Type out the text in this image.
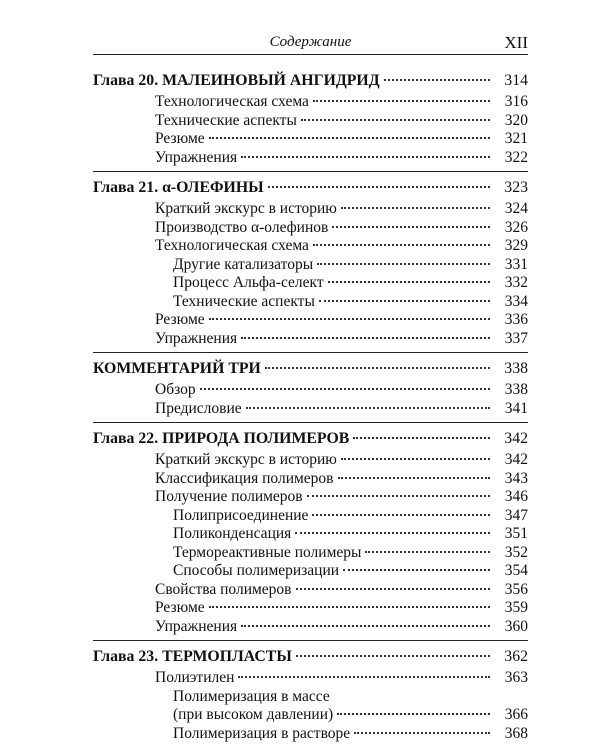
Содержание	XII
Глава 20. МАЛЕИНОВЫЙ АНГИДРИД	314
Технологическая схема	316
Технические аспекты	320
Резюме	321
Упражнения	322
Глава 21. α-ОЛЕФИНЫ	323
Краткий экскурс в историю	324
Производство α-олефинов	326
Технологическая схема	329
Другие катализаторы	331
Процесс Альфа-селект	332
Технические аспекты	334
Резюме	336
Упражнения	337
КОММЕНТАРИЙ ТРИ	338
Обзор	338
Предисловие	341
Глава 22. ПРИРОДА ПОЛИМЕРОВ	342
Краткий экскурс в историю	342
Классификация полимеров	343
Получение полимеров	346
Полиприсоединение	347
Поликонденсация	351
Термореактивные полимеры	352
Способы полимеризации	354
Свойства полимеров	356
Резюме	359
Упражнения	360
Глава 23. ТЕРМОПЛАСТЫ	362
Полиэтилен	363
Полимеризация в массе
(при высоком давлении)	366
Полимеризация в растворе	368
